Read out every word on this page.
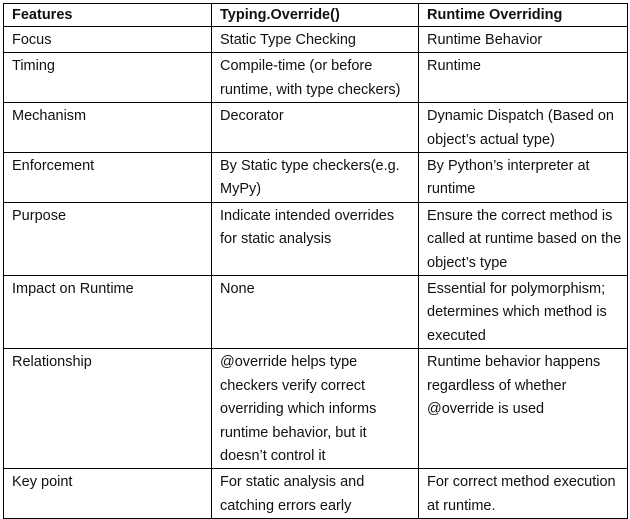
Features	Typing.Override()	Runtime Overriding
Focus	Static Type Checking	Runtime Behavior
Timing	Compile-time (or before runtime, with type checkers)	Runtime
Mechanism	Decorator	Dynamic Dispatch (Based on object’s actual type)
Enforcement	By Static type checkers(e.g. MyPy)	By Python’s interpreter at runtime
Purpose	Indicate intended overrides for static analysis	Ensure the correct method is called at runtime based on the object’s type
Impact on Runtime	None	Essential for polymorphism; determines which method is executed
Relationship	@override helps type checkers verify correct overriding which informs runtime behavior, but it doesn’t control it	Runtime behavior happens regardless of whether @override is used
Key point	For static analysis and catching errors early	For correct method execution at runtime.
